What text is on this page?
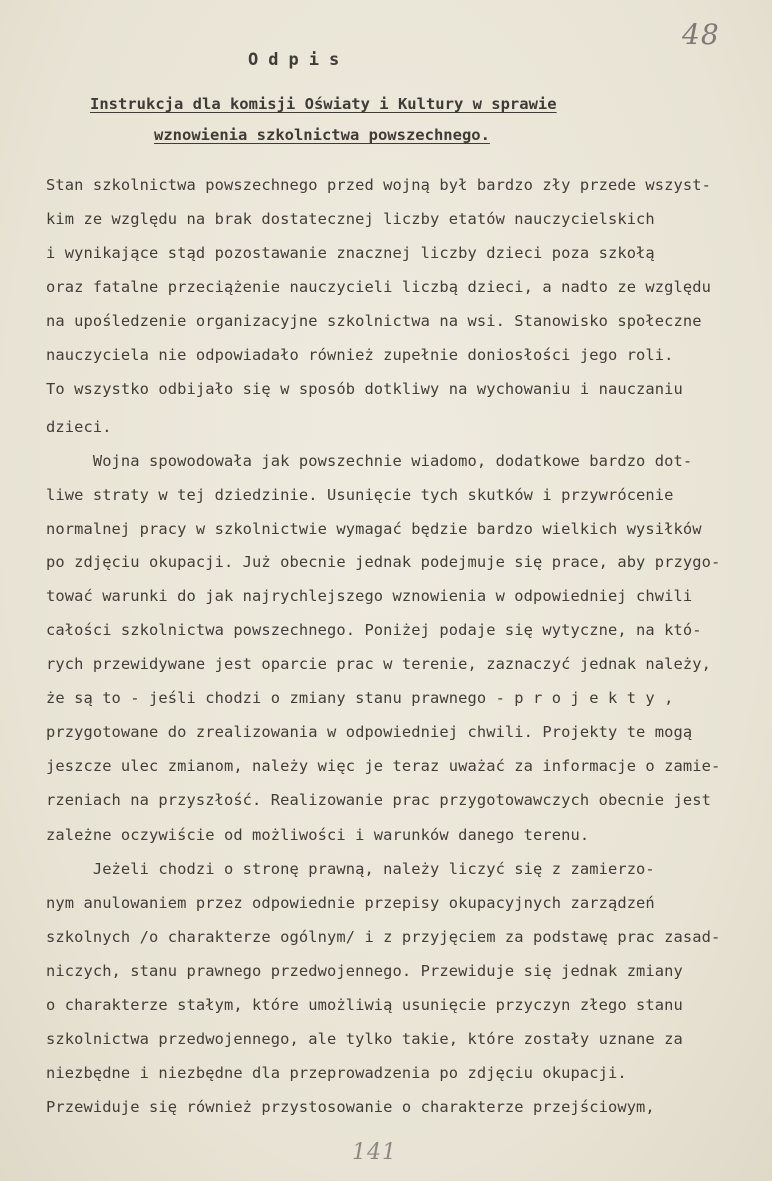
48
Odpis
Instrukcja dla komisji Oświaty i Kultury w sprawie
wznowienia szkolnictwa powszechnego.
Stan szkolnictwa powszechnego przed wojną był bardzo zły przede wszyst-
kim ze względu na brak dostatecznej liczby etatów nauczycielskich
i wynikające stąd pozostawanie znacznej liczby dzieci poza szkołą
oraz fatalne przeciążenie nauczycieli liczbą dzieci, a nadto ze względu
na upośledzenie organizacyjne szkolnictwa na wsi. Stanowisko społeczne
nauczyciela nie odpowiadało również zupełnie doniosłości jego roli.
To wszystko odbijało się w sposób dotkliwy na wychowaniu i nauczaniu
dzieci.
Wojna spowodowała jak powszechnie wiadomo, dodatkowe bardzo dot-
liwe straty w tej dziedzinie. Usunięcie tych skutków i przywrócenie
normalnej pracy w szkolnictwie wymagać będzie bardzo wielkich wysiłków
po zdjęciu okupacji. Już obecnie jednak podejmuje się prace, aby przygo-
tować warunki do jak najrychlejszego wznowienia w odpowiedniej chwili
całości szkolnictwa powszechnego. Poniżej podaje się wytyczne, na któ-
rych przewidywane jest oparcie prac w terenie, zaznaczyć jednak należy,
że są to - jeśli chodzi o zmiany stanu prawnego - p r o j e k t y ,
przygotowane do zrealizowania w odpowiedniej chwili. Projekty te mogą
jeszcze ulec zmianom, należy więc je teraz uważać za informacje o zamie-
rzeniach na przyszłość. Realizowanie prac przygotowawczych obecnie jest
zależne oczywiście od możliwości i warunków danego terenu.
Jeżeli chodzi o stronę prawną, należy liczyć się z zamierzo-
nym anulowaniem przez odpowiednie przepisy okupacyjnych zarządzeń
szkolnych /o charakterze ogólnym/ i z przyjęciem za podstawę prac zasad-
niczych, stanu prawnego przedwojennego. Przewiduje się jednak zmiany
o charakterze stałym, które umożliwią usunięcie przyczyn złego stanu
szkolnictwa przedwojennego, ale tylko takie, które zostały uznane za
niezbędne i niezbędne dla przeprowadzenia po zdjęciu okupacji.
Przewiduje się również przystosowanie o charakterze przejściowym,
141
